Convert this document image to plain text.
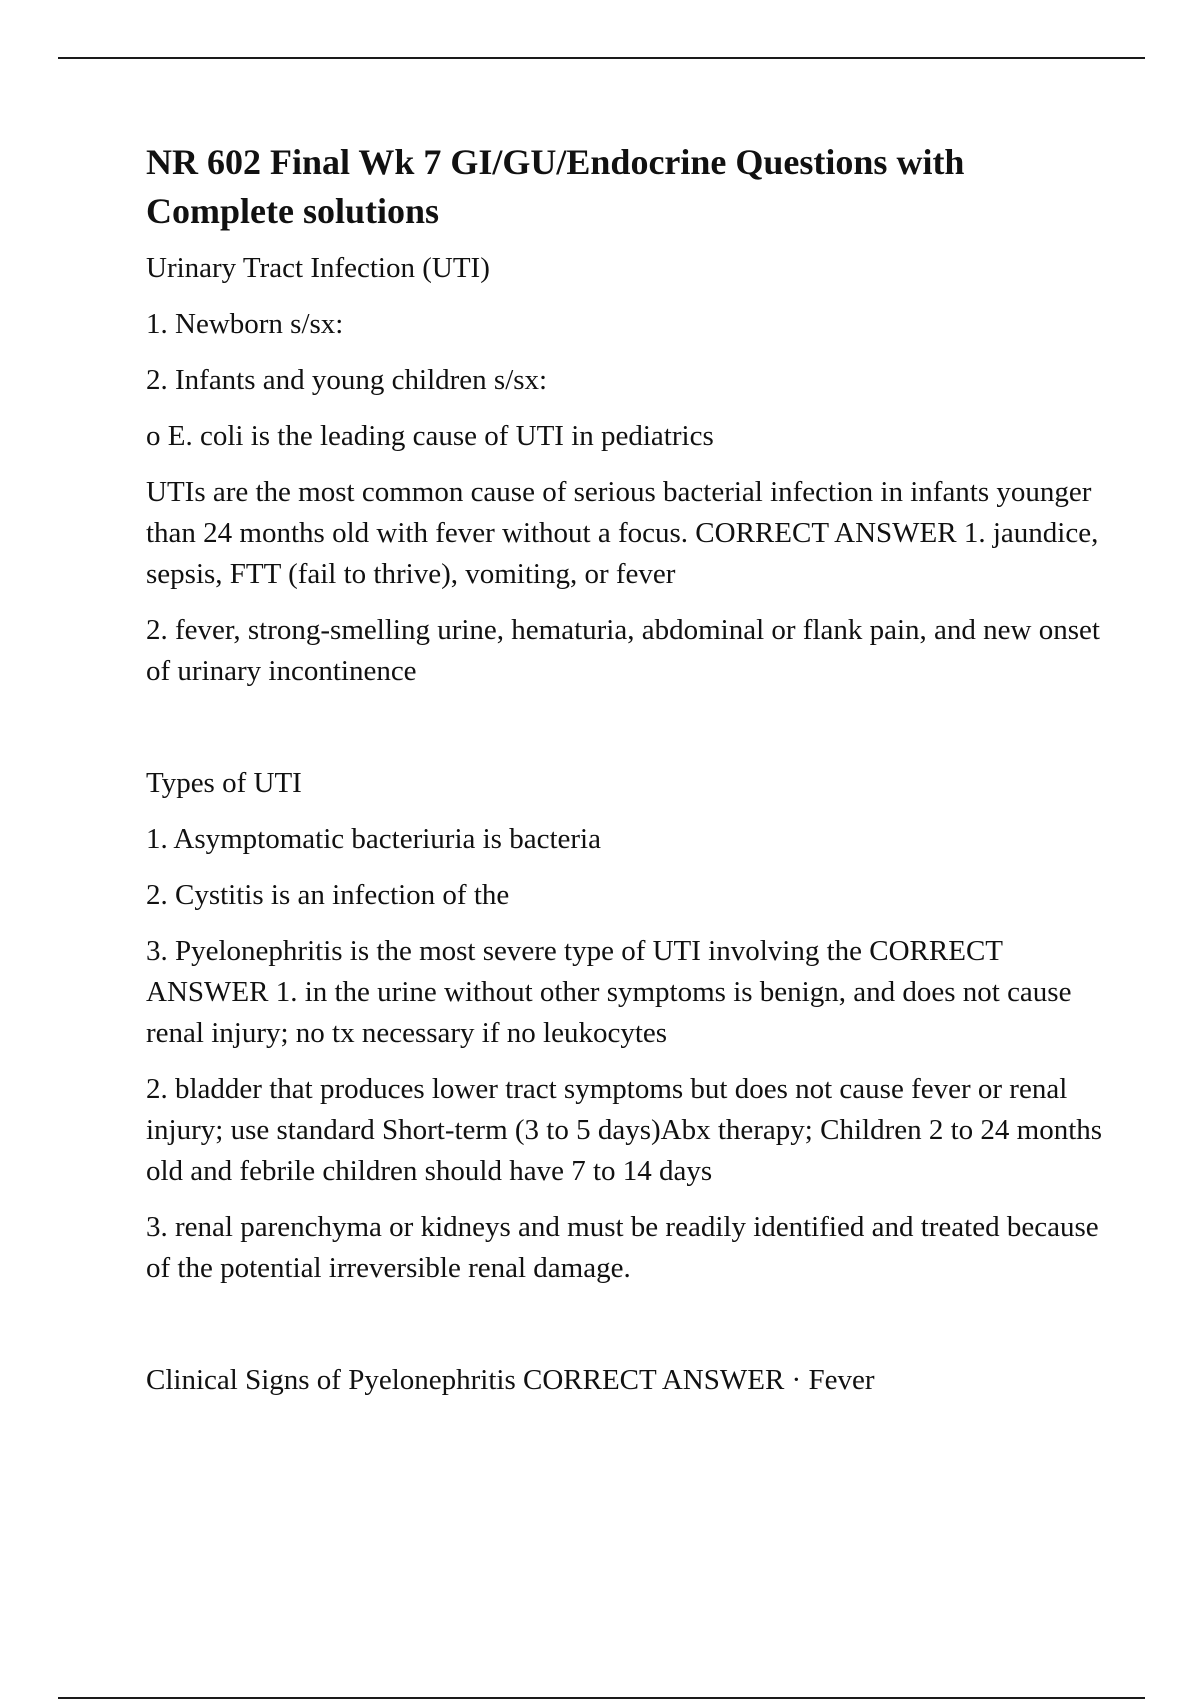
NR 602 Final Wk 7 GI/GU/Endocrine Questions with Complete solutions

Urinary Tract Infection (UTI)

1. Newborn s/sx:

2. Infants and young children s/sx:

o E. coli is the leading cause of UTI in pediatrics

UTIs are the most common cause of serious bacterial infection in infants younger than 24 months old with fever without a focus. CORRECT ANSWER 1. jaundice, sepsis, FTT (fail to thrive), vomiting, or fever

2. fever, strong-smelling urine, hematuria, abdominal or flank pain, and new onset of urinary incontinence

Types of UTI

1. Asymptomatic bacteriuria is bacteria

2. Cystitis is an infection of the

3. Pyelonephritis is the most severe type of UTI involving the CORRECT ANSWER 1. in the urine without other symptoms is benign, and does not cause renal injury; no tx necessary if no leukocytes

2. bladder that produces lower tract symptoms but does not cause fever or renal injury; use standard Short-term (3 to 5 days)Abx therapy; Children 2 to 24 months old and febrile children should have 7 to 14 days

3. renal parenchyma or kidneys and must be readily identified and treated because of the potential irreversible renal damage.

Clinical Signs of Pyelonephritis CORRECT ANSWER · Fever
